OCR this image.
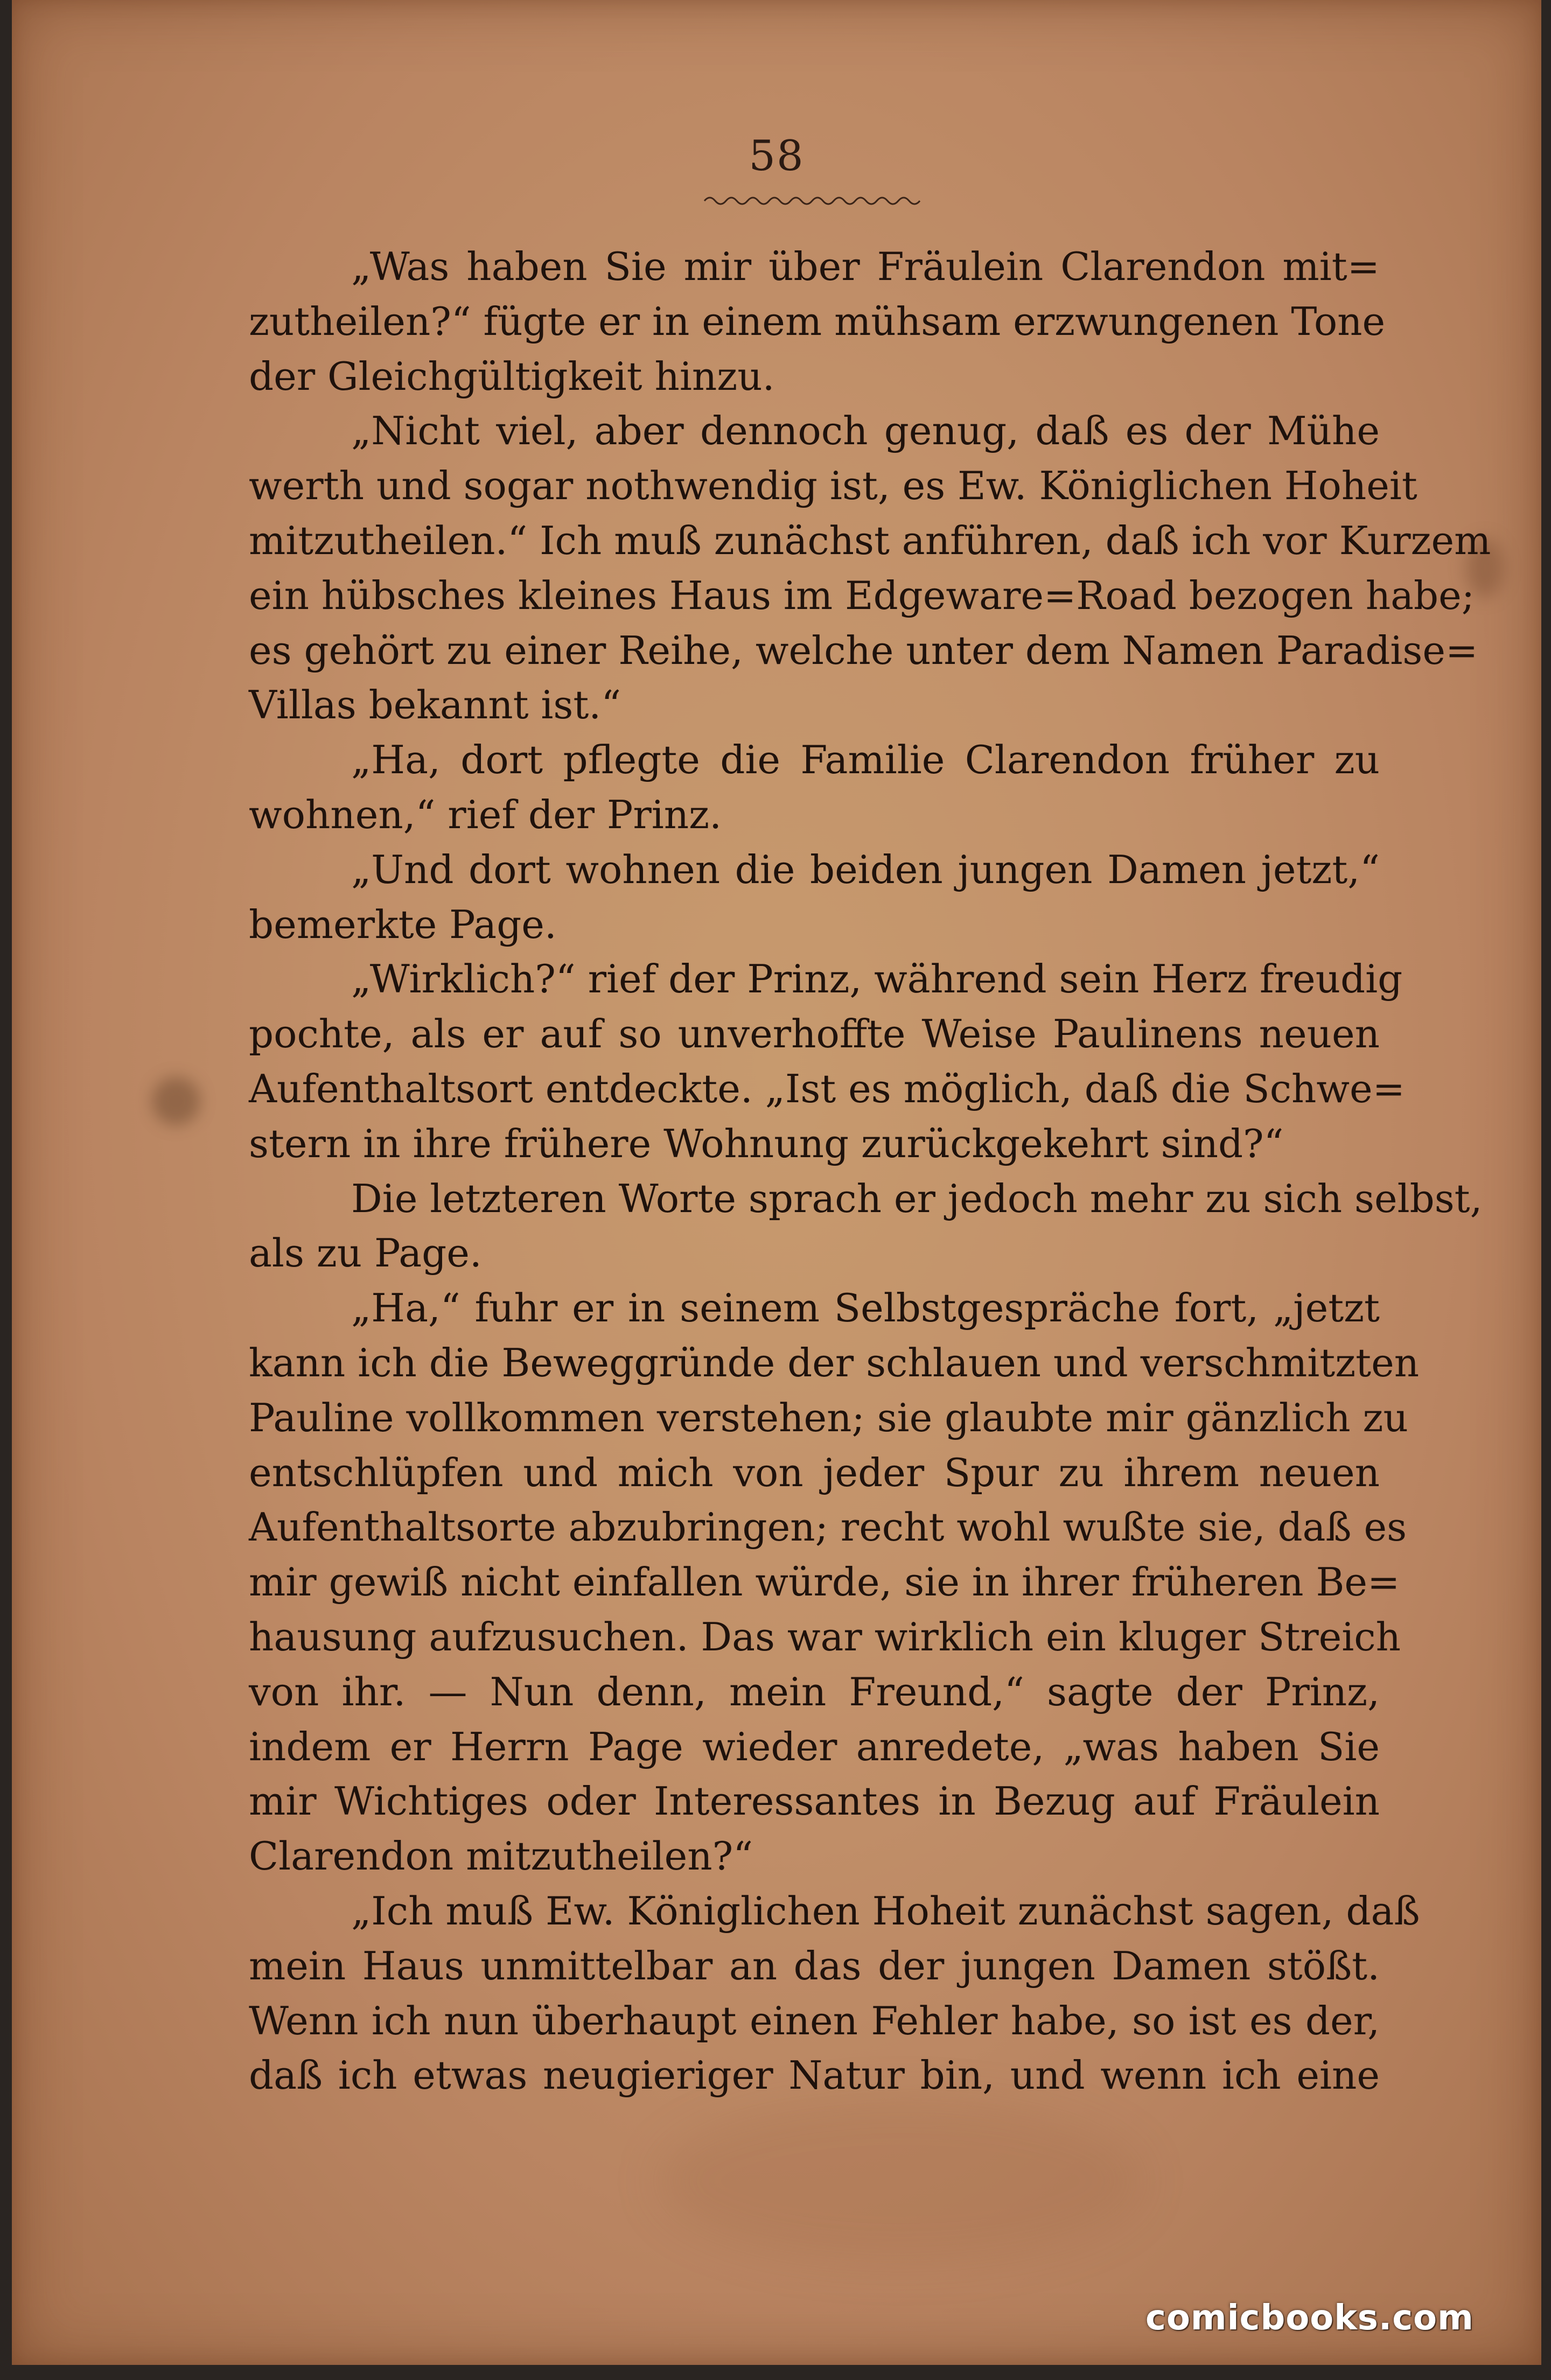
58
„Was haben Sie mir über Fräulein Clarendon mit=
zutheilen?“ fügte er in einem mühsam erzwungenen Tone
der Gleichgültigkeit hinzu.
„Nicht viel, aber dennoch genug, daß es der Mühe
werth und sogar nothwendig ist, es Ew. Königlichen Hoheit
mitzutheilen.“ Ich muß zunächst anführen, daß ich vor Kurzem
ein hübsches kleines Haus im Edgeware=Road bezogen habe;
es gehört zu einer Reihe, welche unter dem Namen Paradise=
Villas bekannt ist.“
„Ha, dort pflegte die Familie Clarendon früher zu
wohnen,“ rief der Prinz.
„Und dort wohnen die beiden jungen Damen jetzt,“
bemerkte Page.
„Wirklich?“ rief der Prinz, während sein Herz freudig
pochte, als er auf so unverhoffte Weise Paulinens neuen
Aufenthaltsort entdeckte. „Ist es möglich, daß die Schwe=
stern in ihre frühere Wohnung zurückgekehrt sind?“
Die letzteren Worte sprach er jedoch mehr zu sich selbst,
als zu Page.
„Ha,“ fuhr er in seinem Selbstgespräche fort, „jetzt
kann ich die Beweggründe der schlauen und verschmitzten
Pauline vollkommen verstehen; sie glaubte mir gänzlich zu
entschlüpfen und mich von jeder Spur zu ihrem neuen
Aufenthaltsorte abzubringen; recht wohl wußte sie, daß es
mir gewiß nicht einfallen würde, sie in ihrer früheren Be=
hausung aufzusuchen. Das war wirklich ein kluger Streich
von ihr. — Nun denn, mein Freund,“ sagte der Prinz,
indem er Herrn Page wieder anredete, „was haben Sie
mir Wichtiges oder Interessantes in Bezug auf Fräulein
Clarendon mitzutheilen?“
„Ich muß Ew. Königlichen Hoheit zunächst sagen, daß
mein Haus unmittelbar an das der jungen Damen stößt.
Wenn ich nun überhaupt einen Fehler habe, so ist es der,
daß ich etwas neugieriger Natur bin, und wenn ich eine
comicbooks.com
